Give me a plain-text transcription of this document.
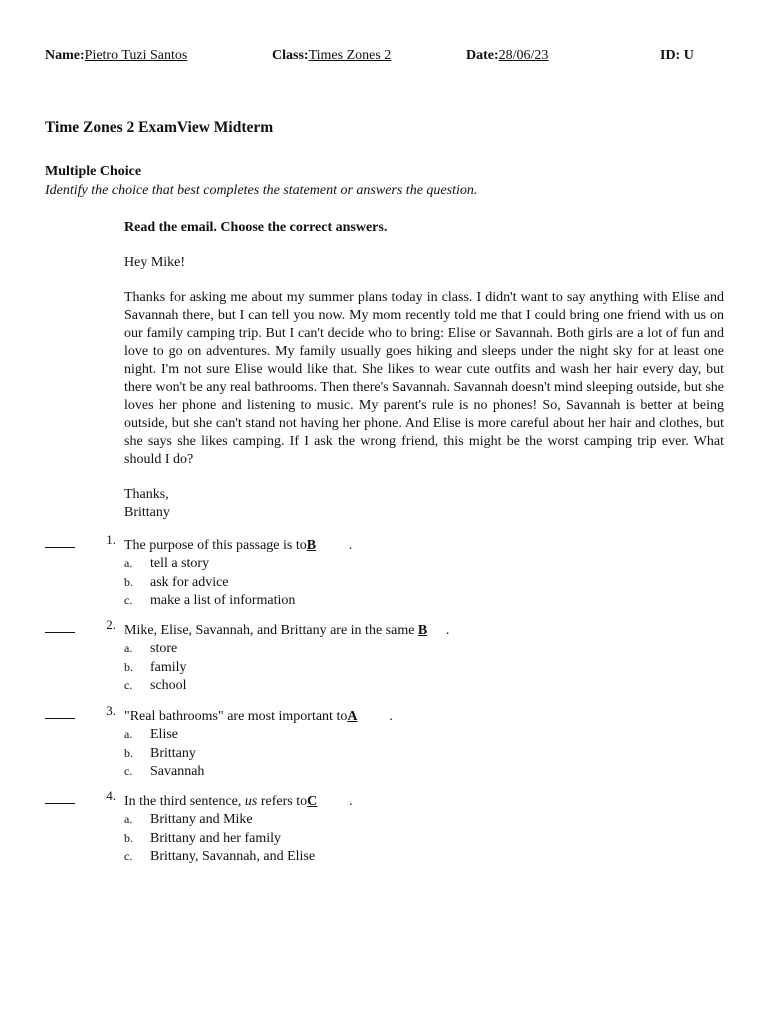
Name:Pietro Tuzi Santos	Class:Times Zones 2	Date:28/06/23	ID: U
Time Zones 2 ExamView Midterm
Multiple Choice
Identify the choice that best completes the statement or answers the question.

Read the email. Choose the correct answers.

Hey Mike!

Thanks for asking me about my summer plans today in class. I didn't want to say anything with Elise and Savannah there, but I can tell you now. My mom recently told me that I could bring one friend with us on our family camping trip. But I can't decide who to bring: Elise or Savannah. Both girls are a lot of fun and love to go on adventures. My family usually goes hiking and sleeps under the night sky for at least one night. I'm not sure Elise would like that. She likes to wear cute outfits and wash her hair every day, but there won't be any real bathrooms. Then there's Savannah. Savannah doesn't mind sleeping outside, but she loves her phone and listening to music. My parent's rule is no phones! So, Savannah is better at being outside, but she can't stand not having her phone. And Elise is more careful about her hair and clothes, but she says she likes camping. If I ask the wrong friend, this might be the worst camping trip ever. What should I do?

Thanks,

Brittany

1. The purpose of this passage is toB .
a. tell a story
b. ask for advice
c. make a list of information
2. Mike, Elise, Savannah, and Brittany are in the same B .
a. store
b. family
c. school
3. "Real bathrooms" are most important toA .
a. Elise
b. Brittany
c. Savannah
4. In the third sentence, us refers toC .
a. Brittany and Mike
b. Brittany and her family
c. Brittany, Savannah, and Elise
